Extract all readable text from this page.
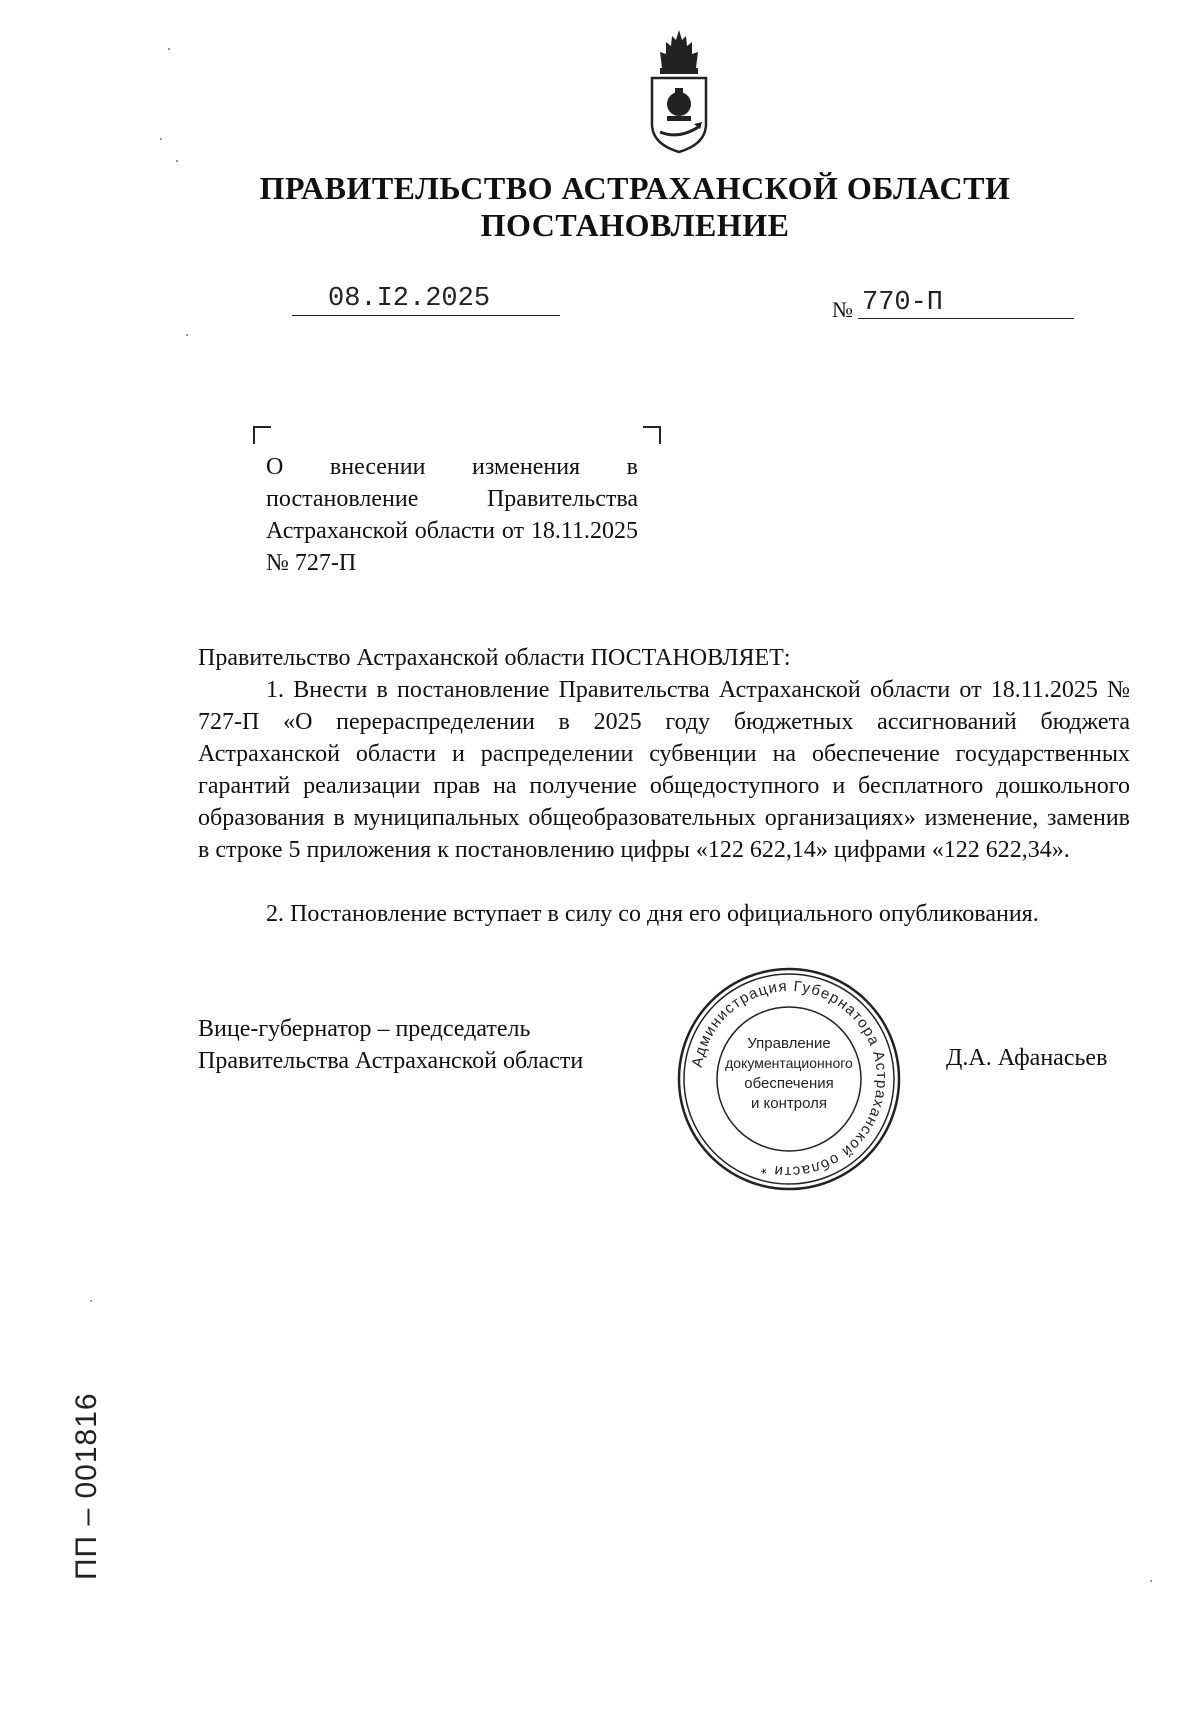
ПРАВИТЕЛЬСТВО АСТРАХАНСКОЙ ОБЛАСТИ
ПОСТАНОВЛЕНИЕ
08.I2.2025	№ 770-П
О внесении изменения в постановление Правительства Астраханской области от 18.11.2025 № 727-П
Правительство Астраханской области ПОСТАНОВЛЯЕТ:
1. Внести в постановление Правительства Астраханской области от 18.11.2025 № 727-П «О перераспределении в 2025 году бюджетных ассигнований бюджета Астраханской области и распределении субвенции на обеспечение государственных гарантий реализации прав на получение общедоступного и бесплатного дошкольного образования в муниципальных общеобразовательных организациях» изменение, заменив в строке 5 приложения к постановлению цифры «122 622,14» цифрами «122 622,34».
2. Постановление вступает в силу со дня его официального опубликования.
Вице-губернатор – председатель
Правительства Астраханской области	Д.А. Афанасьев
Администрация Губернатора Астраханской области *
Управление
документационного
обеспечения
и контроля
ПП – 001816
